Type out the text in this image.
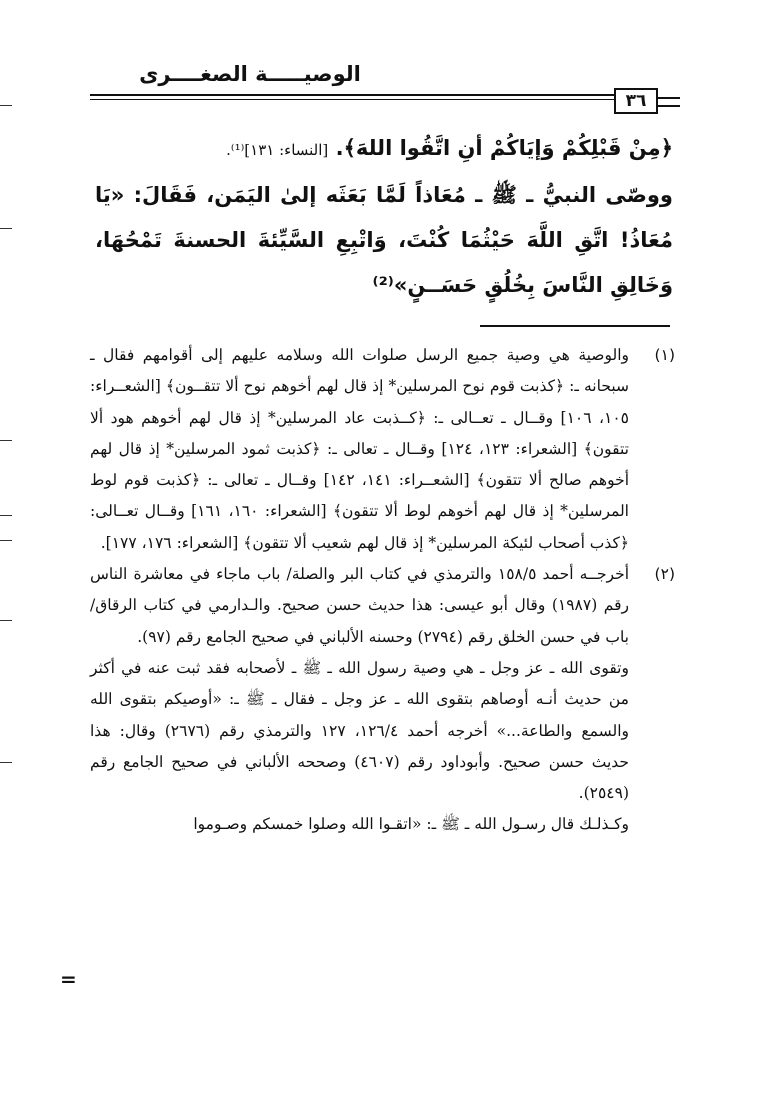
الوصيـــــة الصغــــرى
٣٦
﴿مِنْ قَبْلِكُمْ وَإيَاكُمْ أنِ اتَّقُوا اللهَ﴾. [النساء: ١٣١]⁽¹⁾.
ووصّى النبيُّ ـ ﷺ ـ مُعَاذاً لَمَّا بَعَثَه إلىٰ اليَمَن، فَقَالَ: «يَا مُعَاذُ! اتَّقِ اللَّهَ حَيْثُمَا كُنْتَ، وَاتْبِعِ السَّيِّئةَ الحسنةَ تَمْحُهَا، وَخَالِقِ النَّاسَ بِخُلُقٍ حَسَــنٍ»⁽²⁾
(١)

والوصية هي وصية جميع الرسل صلوات الله وسلامه عليهم إلى أقوامهم فقال ـ سبحانه ـ: ﴿كذبت قوم نوح المرسلين* إذ قال لهم أخوهم نوح ألا تتقــون﴾ [الشعــراء: ١٠٥، ١٠٦] وقــال ـ تعــالى ـ: ﴿كــذبت عاد المرسلين* إذ قال لهم أخوهم هود ألا تتقون﴾ [الشعراء: ١٢٣، ١٢٤] وقــال ـ تعالى ـ: ﴿كذبت ثمود المرسلين* إذ قال لهم أخوهم صالح ألا تتقون﴾ [الشعــراء: ١٤١، ١٤٢] وقــال ـ تعالى ـ: ﴿كذبت قوم لوط المرسلين* إذ قال لهم أخوهم لوط ألا تتقون﴾ [الشعراء: ١٦٠، ١٦١] وقــال تعــالى: ﴿كذب أصحاب لئيكة المرسلين* إذ قال لهم شعيب ألا تتقون﴾ [الشعراء: ١٧٦، ١٧٧].

(٢)

أخرجــه أحمد ١٥٨/٥ والترمذي في كتاب البر والصلة/ باب ماجاء في معاشرة الناس رقم (١٩٨٧) وقال أبو عيسى: هذا حديث حسن صحيح. والـدارمي في كتاب الرقاق/ باب في حسن الخلق رقم (٢٧٩٤) وحسنه الألباني في صحيح الجامع رقم (٩٧).

وتقوى الله ـ عز وجل ـ هي وصية رسول الله ـ ﷺ ـ لأصحابه فقد ثبت عنه في أكثر من حديث أنـه أوصاهم بتقوى الله ـ عز وجل ـ فقال ـ ﷺ ـ: «أوصيكم بتقوى الله والسمع والطاعة...» أخرجه أحمد ١٢٦/٤، ١٢٧ والترمذي رقم (٢٦٧٦) وقال: هذا حديث حسن صحيح. وأبوداود رقم (٤٦٠٧) وصححه الألباني في صحيح الجامع رقم (٢٥٤٩).

وكـذلـك قال رسـول الله ـ ﷺ ـ: «اتقـوا الله وصلوا خمسكم وصـوموا

=
